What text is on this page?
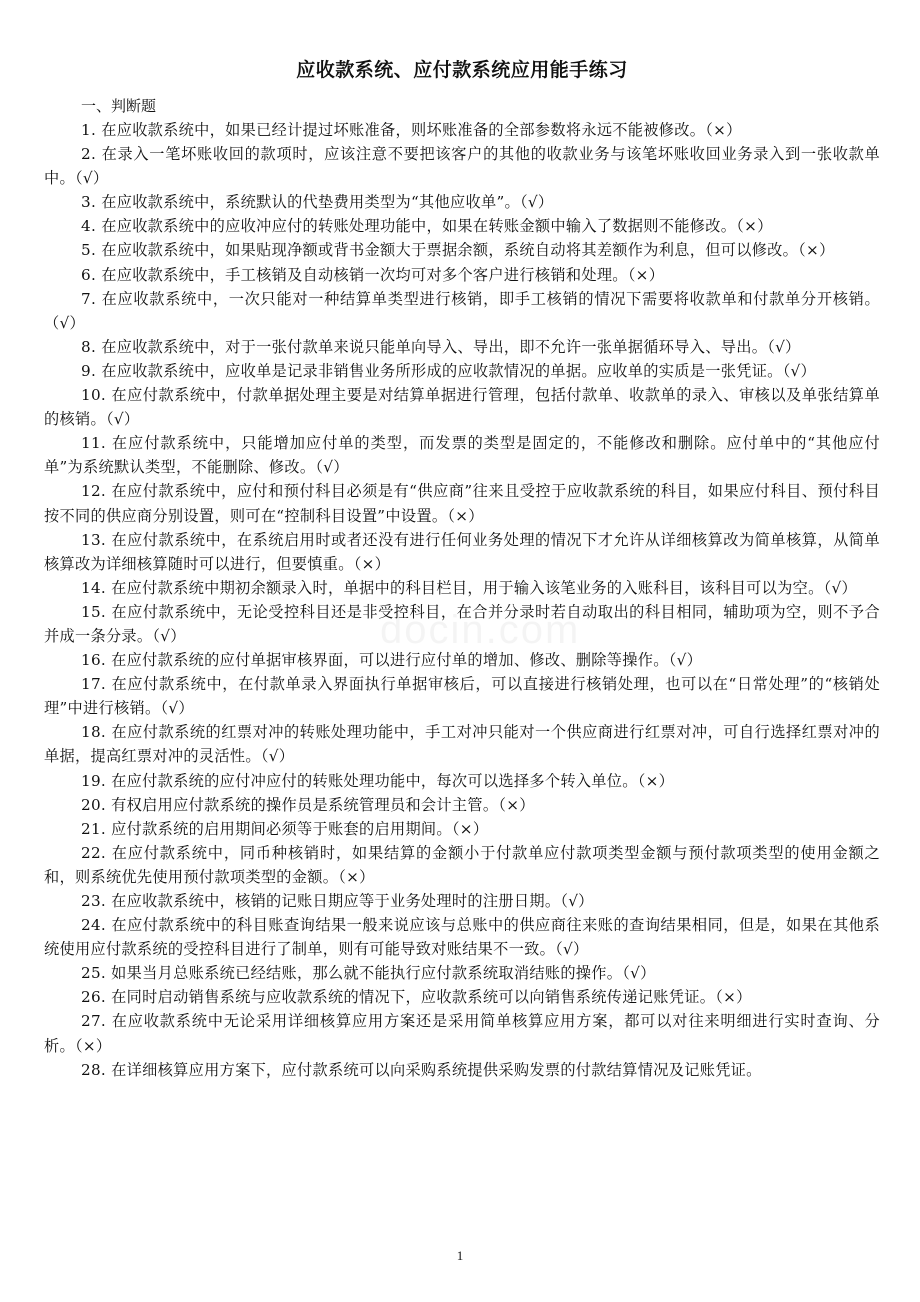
应收款系统、应付款系统应用能手练习

一、判断题

1. 在应收款系统中，如果已经计提过坏账准备，则坏账准备的全部参数将永远不能被修改。（×）

2. 在录入一笔坏账收回的款项时，应该注意不要把该客户的其他的收款业务与该笔坏账收回业务录入到一张收款单中。（√）

3. 在应收款系统中，系统默认的代垫费用类型为“其他应收单”。（√）

4. 在应收款系统中的应收冲应付的转账处理功能中，如果在转账金额中输入了数据则不能修改。（×）

5. 在应收款系统中，如果贴现净额或背书金额大于票据余额，系统自动将其差额作为利息，但可以修改。（×）

6. 在应收款系统中，手工核销及自动核销一次均可对多个客户进行核销和处理。（×）

7. 在应收款系统中，一次只能对一种结算单类型进行核销，即手工核销的情况下需要将收款单和付款单分开核销。（√）

8. 在应收款系统中，对于一张付款单来说只能单向导入、导出，即不允许一张单据循环导入、导出。（√）

9. 在应收款系统中，应收单是记录非销售业务所形成的应收款情况的单据。应收单的实质是一张凭证。（√）

10. 在应付款系统中，付款单据处理主要是对结算单据进行管理，包括付款单、收款单的录入、审核以及单张结算单的核销。（√）

11. 在应付款系统中，只能增加应付单的类型，而发票的类型是固定的，不能修改和删除。应付单中的“其他应付单”为系统默认类型，不能删除、修改。（√）

12. 在应付款系统中，应付和预付科目必须是有“供应商”往来且受控于应收款系统的科目，如果应付科目、预付科目按不同的供应商分别设置，则可在“控制科目设置”中设置。（×）

13. 在应付款系统中，在系统启用时或者还没有进行任何业务处理的情况下才允许从详细核算改为简单核算，从简单核算改为详细核算随时可以进行，但要慎重。（×）

14. 在应付款系统中期初余额录入时，单据中的科目栏目，用于输入该笔业务的入账科目，该科目可以为空。（√）

15. 在应付款系统中，无论受控科目还是非受控科目，在合并分录时若自动取出的科目相同，辅助项为空，则不予合并成一条分录。（√）

16. 在应付款系统的应付单据审核界面，可以进行应付单的增加、修改、删除等操作。（√）

17. 在应付款系统中，在付款单录入界面执行单据审核后，可以直接进行核销处理，也可以在“日常处理”的“核销处理”中进行核销。（√）

18. 在应付款系统的红票对冲的转账处理功能中，手工对冲只能对一个供应商进行红票对冲，可自行选择红票对冲的单据，提高红票对冲的灵活性。（√）

19. 在应付款系统的应付冲应付的转账处理功能中，每次可以选择多个转入单位。（×）

20. 有权启用应付款系统的操作员是系统管理员和会计主管。（×）

21. 应付款系统的启用期间必须等于账套的启用期间。（×）

22. 在应付款系统中，同币种核销时，如果结算的金额小于付款单应付款项类型金额与预付款项类型的使用金额之和，则系统优先使用预付款项类型的金额。（×）

23. 在应收款系统中，核销的记账日期应等于业务处理时的注册日期。（√）

24. 在应付款系统中的科目账查询结果一般来说应该与总账中的供应商往来账的查询结果相同，但是，如果在其他系统使用应付款系统的受控科目进行了制单，则有可能导致对账结果不一致。（√）

25. 如果当月总账系统已经结账，那么就不能执行应付款系统取消结账的操作。（√）

26. 在同时启动销售系统与应收款系统的情况下，应收款系统可以向销售系统传递记账凭证。（×）

27. 在应收款系统中无论采用详细核算应用方案还是采用简单核算应用方案，都可以对往来明细进行实时查询、分析。（×）

28. 在详细核算应用方案下，应付款系统可以向采购系统提供采购发票的付款结算情况及记账凭证。

1
